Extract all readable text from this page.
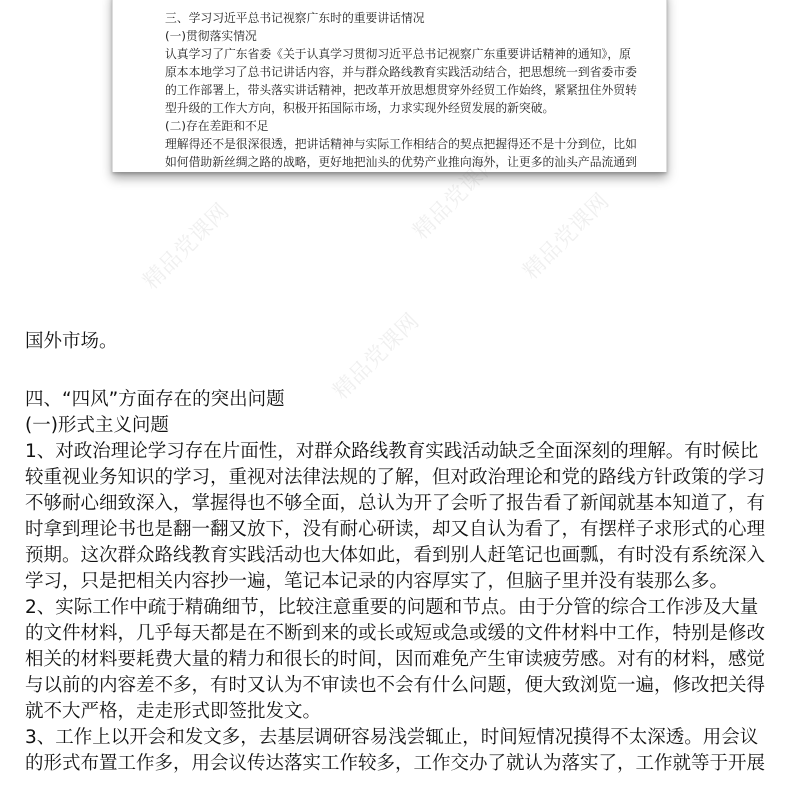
三、学习习近平总书记视察广东时的重要讲话情况
(一)贯彻落实情况
认真学习了广东省委《关于认真学习贯彻习近平总书记视察广东重要讲话精神的通知》，原
原本本地学习了总书记讲话内容，并与群众路线教育实践活动结合，把思想统一到省委市委
的工作部署上，带头落实讲话精神，把改革开放思想贯穿外经贸工作始终，紧紧扭住外贸转
型升级的工作大方向，积极开拓国际市场，力求实现外经贸发展的新突破。
(二)存在差距和不足
理解得还不是很深很透，把讲话精神与实际工作相结合的契点把握得还不是十分到位，比如
如何借助新丝绸之路的战略，更好地把汕头的优势产业推向海外，让更多的汕头产品流通到
国外市场。
四、“四风”方面存在的突出问题
(一)形式主义问题
1、对政治理论学习存在片面性，对群众路线教育实践活动缺乏全面深刻的理解。有时候比
较重视业务知识的学习，重视对法律法规的了解，但对政治理论和党的路线方针政策的学习
不够耐心细致深入，掌握得也不够全面，总认为开了会听了报告看了新闻就基本知道了，有
时拿到理论书也是翻一翻又放下，没有耐心研读，却又自认为看了，有摆样子求形式的心理
预期。这次群众路线教育实践活动也大体如此，看到别人赶笔记也画瓢，有时没有系统深入
学习，只是把相关内容抄一遍，笔记本记录的内容厚实了，但脑子里并没有装那么多。
2、实际工作中疏于精确细节，比较注意重要的问题和节点。由于分管的综合工作涉及大量
的文件材料，几乎每天都是在不断到来的或长或短或急或缓的文件材料中工作，特别是修改
相关的材料要耗费大量的精力和很长的时间，因而难免产生审读疲劳感。对有的材料，感觉
与以前的内容差不多，有时又认为不审读也不会有什么问题，便大致浏览一遍，修改把关得
就不大严格，走走形式即签批发文。
3、工作上以开会和发文多，去基层调研容易浅尝辄止，时间短情况摸得不太深透。用会议
的形式布置工作多，用会议传达落实工作较多，工作交办了就认为落实了，工作就等于开展
精品党课网	精品党课网
精品党课网
精品党课网
